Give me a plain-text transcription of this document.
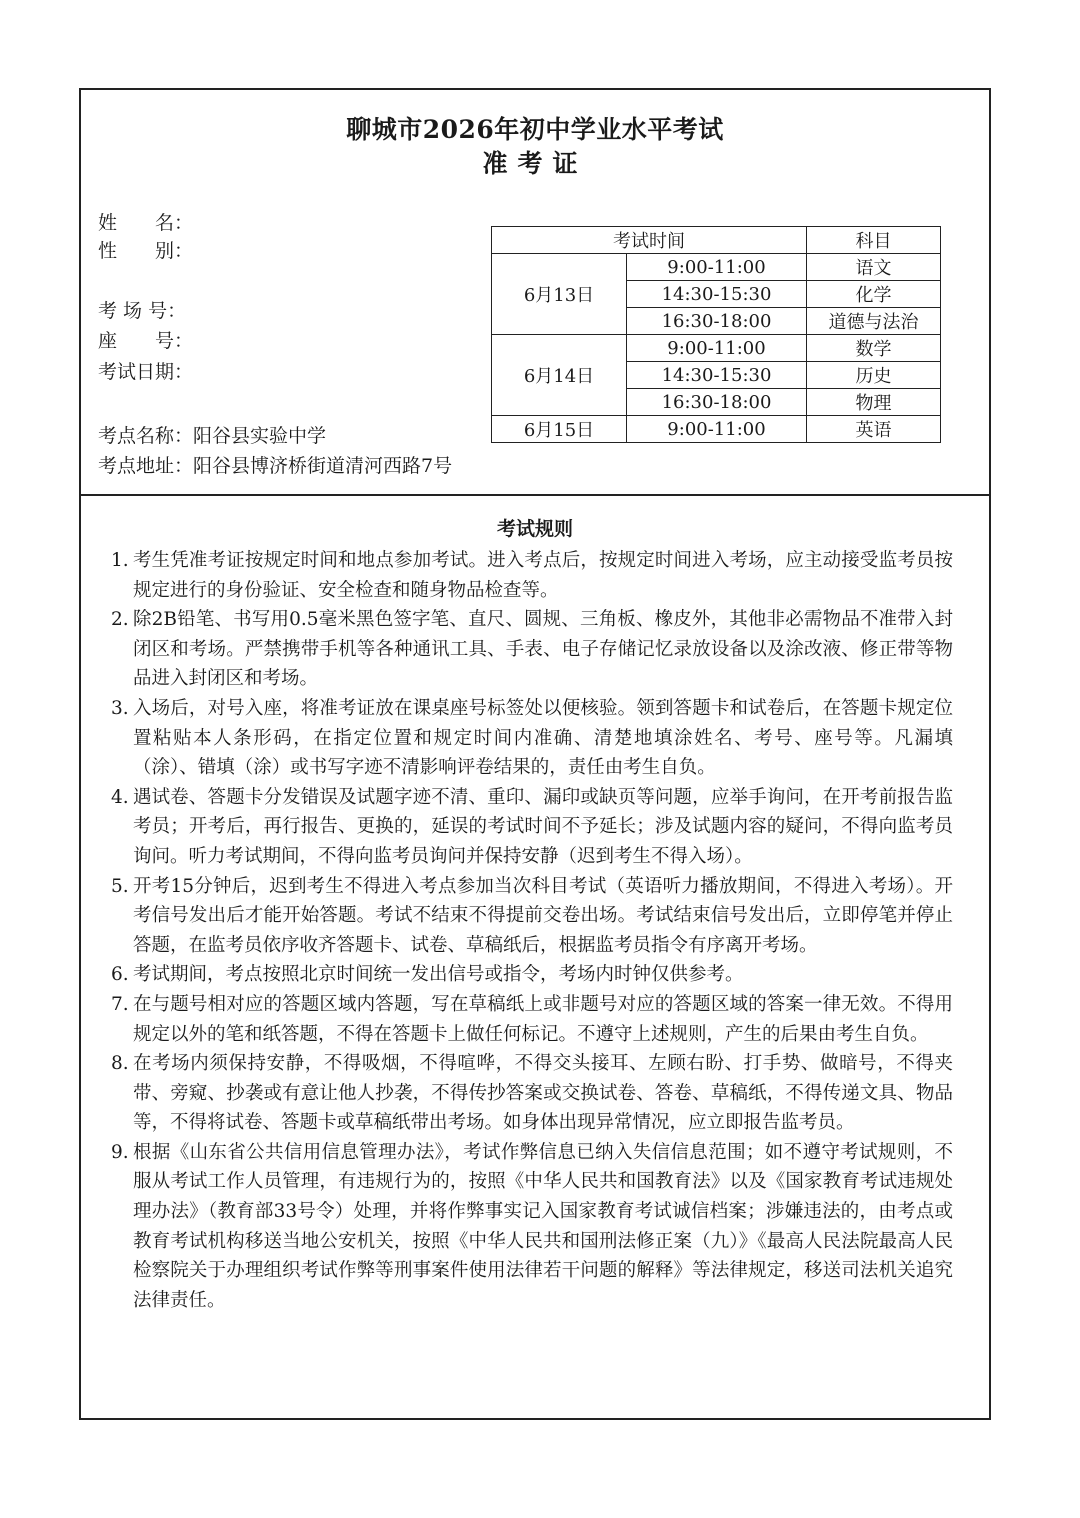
聊城市2026年初中学业水平考试
准考证
姓　　名：
性　　别：
考 场 号：
座　　号：
考试日期：
考点名称：阳谷县实验中学
考点地址：阳谷县博济桥街道清河西路7号
考试时间		科目
6月13日	9:00-11:00	语文
	14:30-15:30	化学
	16:30-18:00	道德与法治
6月14日	9:00-11:00	数学
	14:30-15:30	历史
	16:30-18:00	物理
6月15日	9:00-11:00	英语
考试规则
1. 考生凭准考证按规定时间和地点参加考试。进入考点后，按规定时间进入考场，应主动接受监考员按规定进行的身份验证、安全检查和随身物品检查等。
2. 除2B铅笔、书写用0.5毫米黑色签字笔、直尺、圆规、三角板、橡皮外，其他非必需物品不准带入封闭区和考场。严禁携带手机等各种通讯工具、手表、电子存储记忆录放设备以及涂改液、修正带等物品进入封闭区和考场。
3. 入场后，对号入座，将准考证放在课桌座号标签处以便核验。领到答题卡和试卷后，在答题卡规定位置粘贴本人条形码，在指定位置和规定时间内准确、清楚地填涂姓名、考号、座号等。凡漏填（涂）、错填（涂）或书写字迹不清影响评卷结果的，责任由考生自负。
4. 遇试卷、答题卡分发错误及试题字迹不清、重印、漏印或缺页等问题，应举手询问，在开考前报告监考员；开考后，再行报告、更换的，延误的考试时间不予延长；涉及试题内容的疑问，不得向监考员询问。听力考试期间，不得向监考员询问并保持安静（迟到考生不得入场）。
5. 开考15分钟后，迟到考生不得进入考点参加当次科目考试（英语听力播放期间，不得进入考场）。开考信号发出后才能开始答题。考试不结束不得提前交卷出场。考试结束信号发出后，立即停笔并停止答题，在监考员依序收齐答题卡、试卷、草稿纸后，根据监考员指令有序离开考场。
6. 考试期间，考点按照北京时间统一发出信号或指令，考场内时钟仅供参考。
7. 在与题号相对应的答题区域内答题，写在草稿纸上或非题号对应的答题区域的答案一律无效。不得用规定以外的笔和纸答题，不得在答题卡上做任何标记。不遵守上述规则，产生的后果由考生自负。
8. 在考场内须保持安静，不得吸烟，不得喧哗，不得交头接耳、左顾右盼、打手势、做暗号，不得夹带、旁窥、抄袭或有意让他人抄袭，不得传抄答案或交换试卷、答卷、草稿纸，不得传递文具、物品等，不得将试卷、答题卡或草稿纸带出考场。如身体出现异常情况，应立即报告监考员。
9. 根据《山东省公共信用信息管理办法》，考试作弊信息已纳入失信信息范围；如不遵守考试规则，不服从考试工作人员管理，有违规行为的，按照《中华人民共和国教育法》以及《国家教育考试违规处理办法》（教育部33号令）处理，并将作弊事实记入国家教育考试诚信档案；涉嫌违法的，由考点或教育考试机构移送当地公安机关，按照《中华人民共和国刑法修正案（九）》《最高人民法院最高人民检察院关于办理组织考试作弊等刑事案件使用法律若干问题的解释》等法律规定，移送司法机关追究法律责任。
